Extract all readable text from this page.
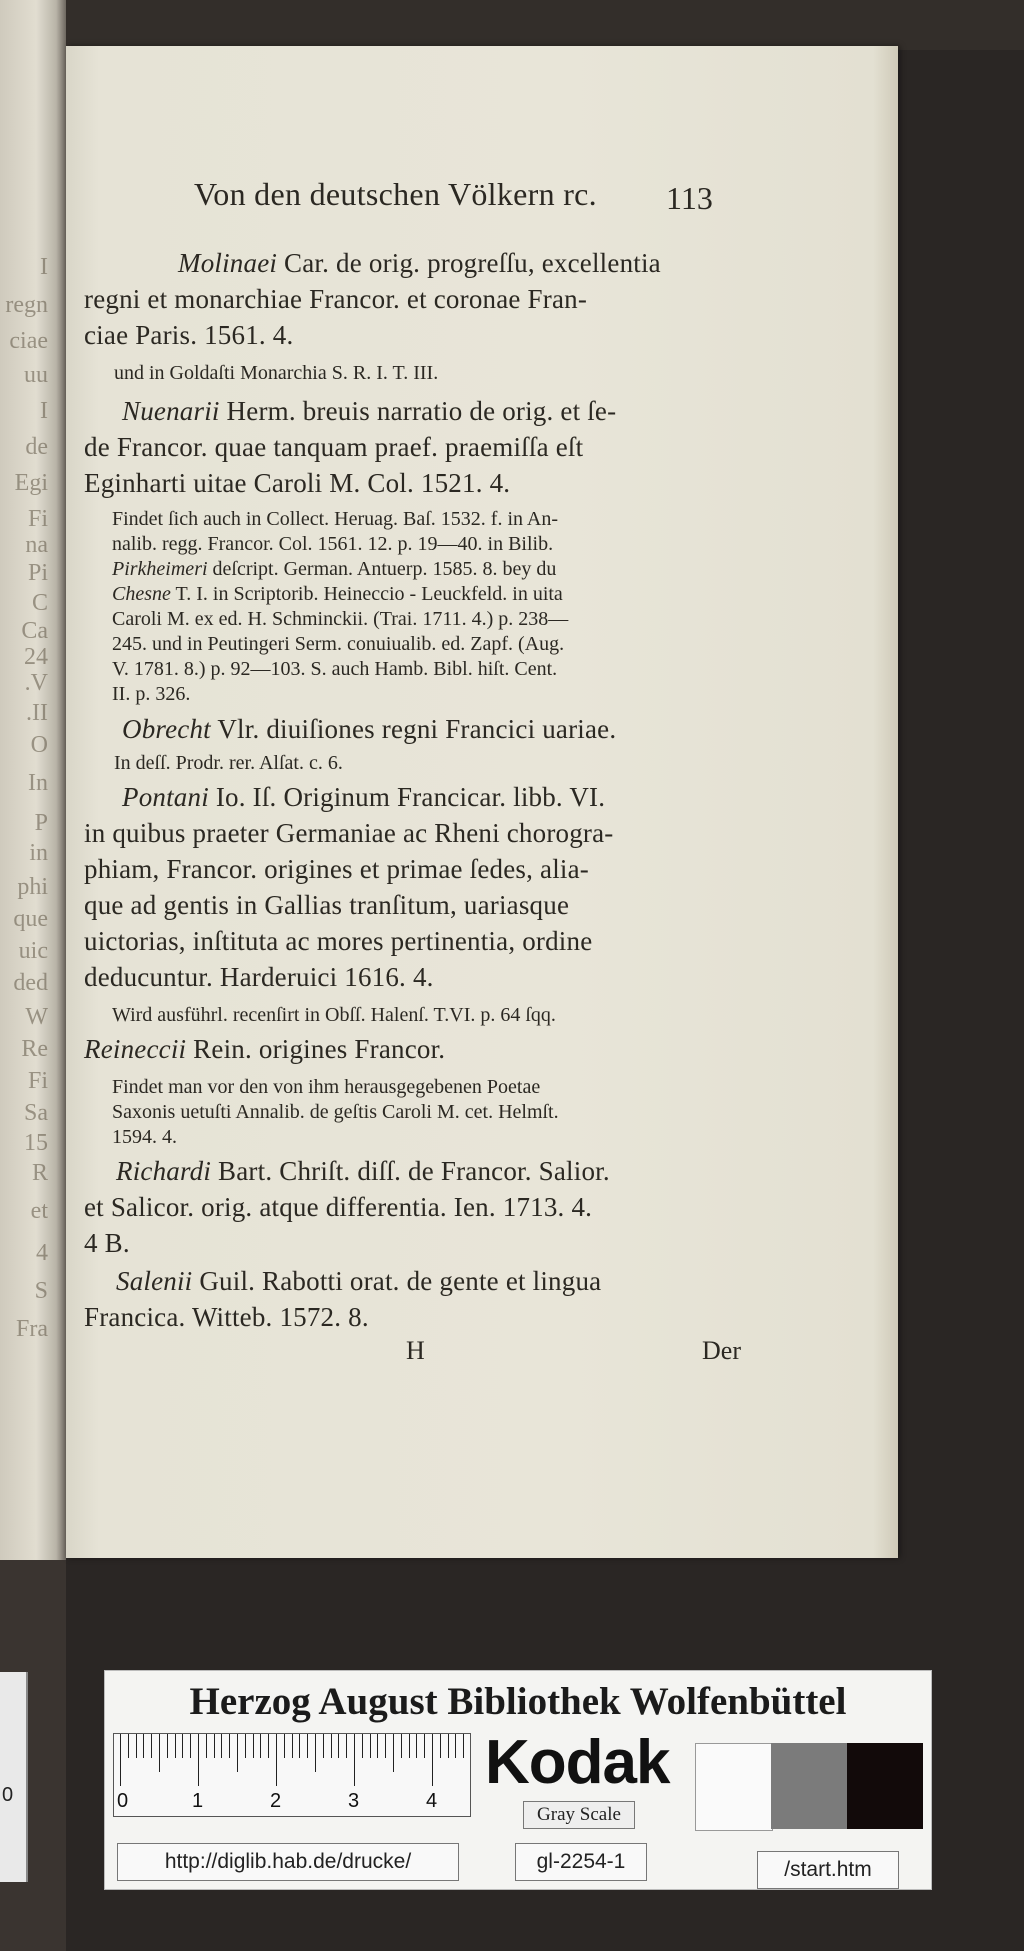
I
regn
ciae
uu
I
de
Egi
Fi
na
Pi
C
Ca
24
V.
II.
O
In
P
in
phi
que
uic
ded
W
Re
Fi
Sa
15
R
et
4
S
Fra
0
Von den deutschen Völkern rc. 113
Molinaei Car. de orig. progreſſu, excellentia
regni et monarchiae Francor. et coronae Fran-
ciae Paris. 1561. 4.
und in Goldaſti Monarchia S. R. I. T. III.
Nuenarii Herm. breuis narratio de orig. et ſe-
de Francor. quae tanquam praef. praemiſſa eſt
Eginharti uitae Caroli M. Col. 1521. 4.
Findet ſich auch in Collect. Heruag. Baſ. 1532. f. in An-
nalib. regg. Francor. Col. 1561. 12. p. 19—40. in Bilib.
Pirkheimeri deſcript. German. Antuerp. 1585. 8. bey du
Chesne T. I. in Scriptorib. Heineccio - Leuckfeld. in uita
Caroli M. ex ed. H. Schminckii. (Trai. 1711. 4.) p. 238—
245. und in Peutingeri Serm. conuiualib. ed. Zapf. (Aug.
V. 1781. 8.) p. 92—103. S. auch Hamb. Bibl. hiſt. Cent.
II. p. 326.
Obrecht Vlr. diuiſiones regni Francici uariae.
In deſſ. Prodr. rer. Alſat. c. 6.
Pontani Io. Iſ. Originum Francicar. libb. VI.
in quibus praeter Germaniae ac Rheni chorogra-
phiam, Francor. origines et primae ſedes, alia-
que ad gentis in Gallias tranſitum, uariasque
uictorias, inſtituta ac mores pertinentia, ordine
deducuntur. Harderuici 1616. 4.
Wird ausführl. recenſirt in Obſſ. Halenſ. T.VI. p. 64 ſqq.
Reineccii Rein. origines Francor.
Findet man vor den von ihm herausgegebenen Poetae
Saxonis uetuſti Annalib. de geſtis Caroli M. cet. Helmſt.
1594. 4.
Richardi Bart. Chriſt. diſſ. de Francor. Salior.
et Salicor. orig. atque differentia. Ien. 1713. 4.
4 B.
Salenii Guil. Rabotti orat. de gente et lingua
Francica. Witteb. 1572. 8.
H	Der
Herzog August Bibliothek Wolfenbüttel
0	1	2	3	4
Kodak
Gray Scale
http://diglib.hab.de/drucke/	gl-2254-1	/start.htm
